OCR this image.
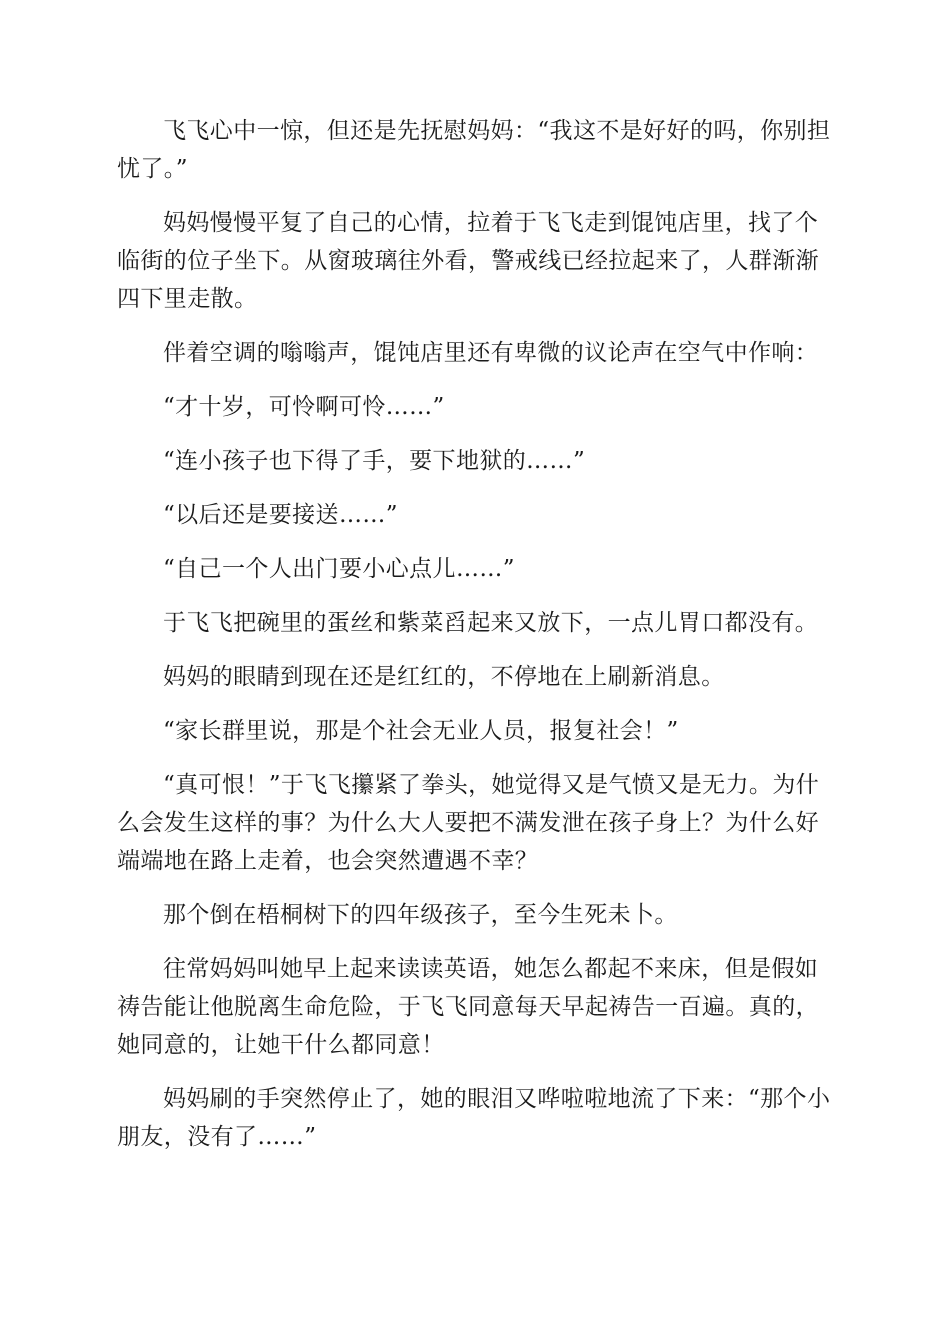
飞飞心中一惊，但还是先抚慰妈妈：“我这不是好好的吗，你别担忧了。”

妈妈慢慢平复了自己的心情，拉着于飞飞走到馄饨店里，找了个临街的位子坐下。从窗玻璃往外看，警戒线已经拉起来了，人群渐渐四下里走散。

伴着空调的嗡嗡声，馄饨店里还有卑微的议论声在空气中作响：

“才十岁，可怜啊可怜……”

“连小孩子也下得了手，要下地狱的……”

“以后还是要接送……”

“自己一个人出门要小心点儿……”

于飞飞把碗里的蛋丝和紫菜舀起来又放下，一点儿胃口都没有。

妈妈的眼睛到现在还是红红的，不停地在上刷新消息。

“家长群里说，那是个社会无业人员，报复社会！”

“真可恨！”于飞飞攥紧了拳头，她觉得又是气愤又是无力。为什么会发生这样的事？为什么大人要把不满发泄在孩子身上？为什么好端端地在路上走着，也会突然遭遇不幸？

那个倒在梧桐树下的四年级孩子，至今生死未卜。

往常妈妈叫她早上起来读读英语，她怎么都起不来床，但是假如祷告能让他脱离生命危险，于飞飞同意每天早起祷告一百遍。真的，她同意的，让她干什么都同意！

妈妈刷的手突然停止了，她的眼泪又哗啦啦地流了下来：“那个小朋友，没有了……”
